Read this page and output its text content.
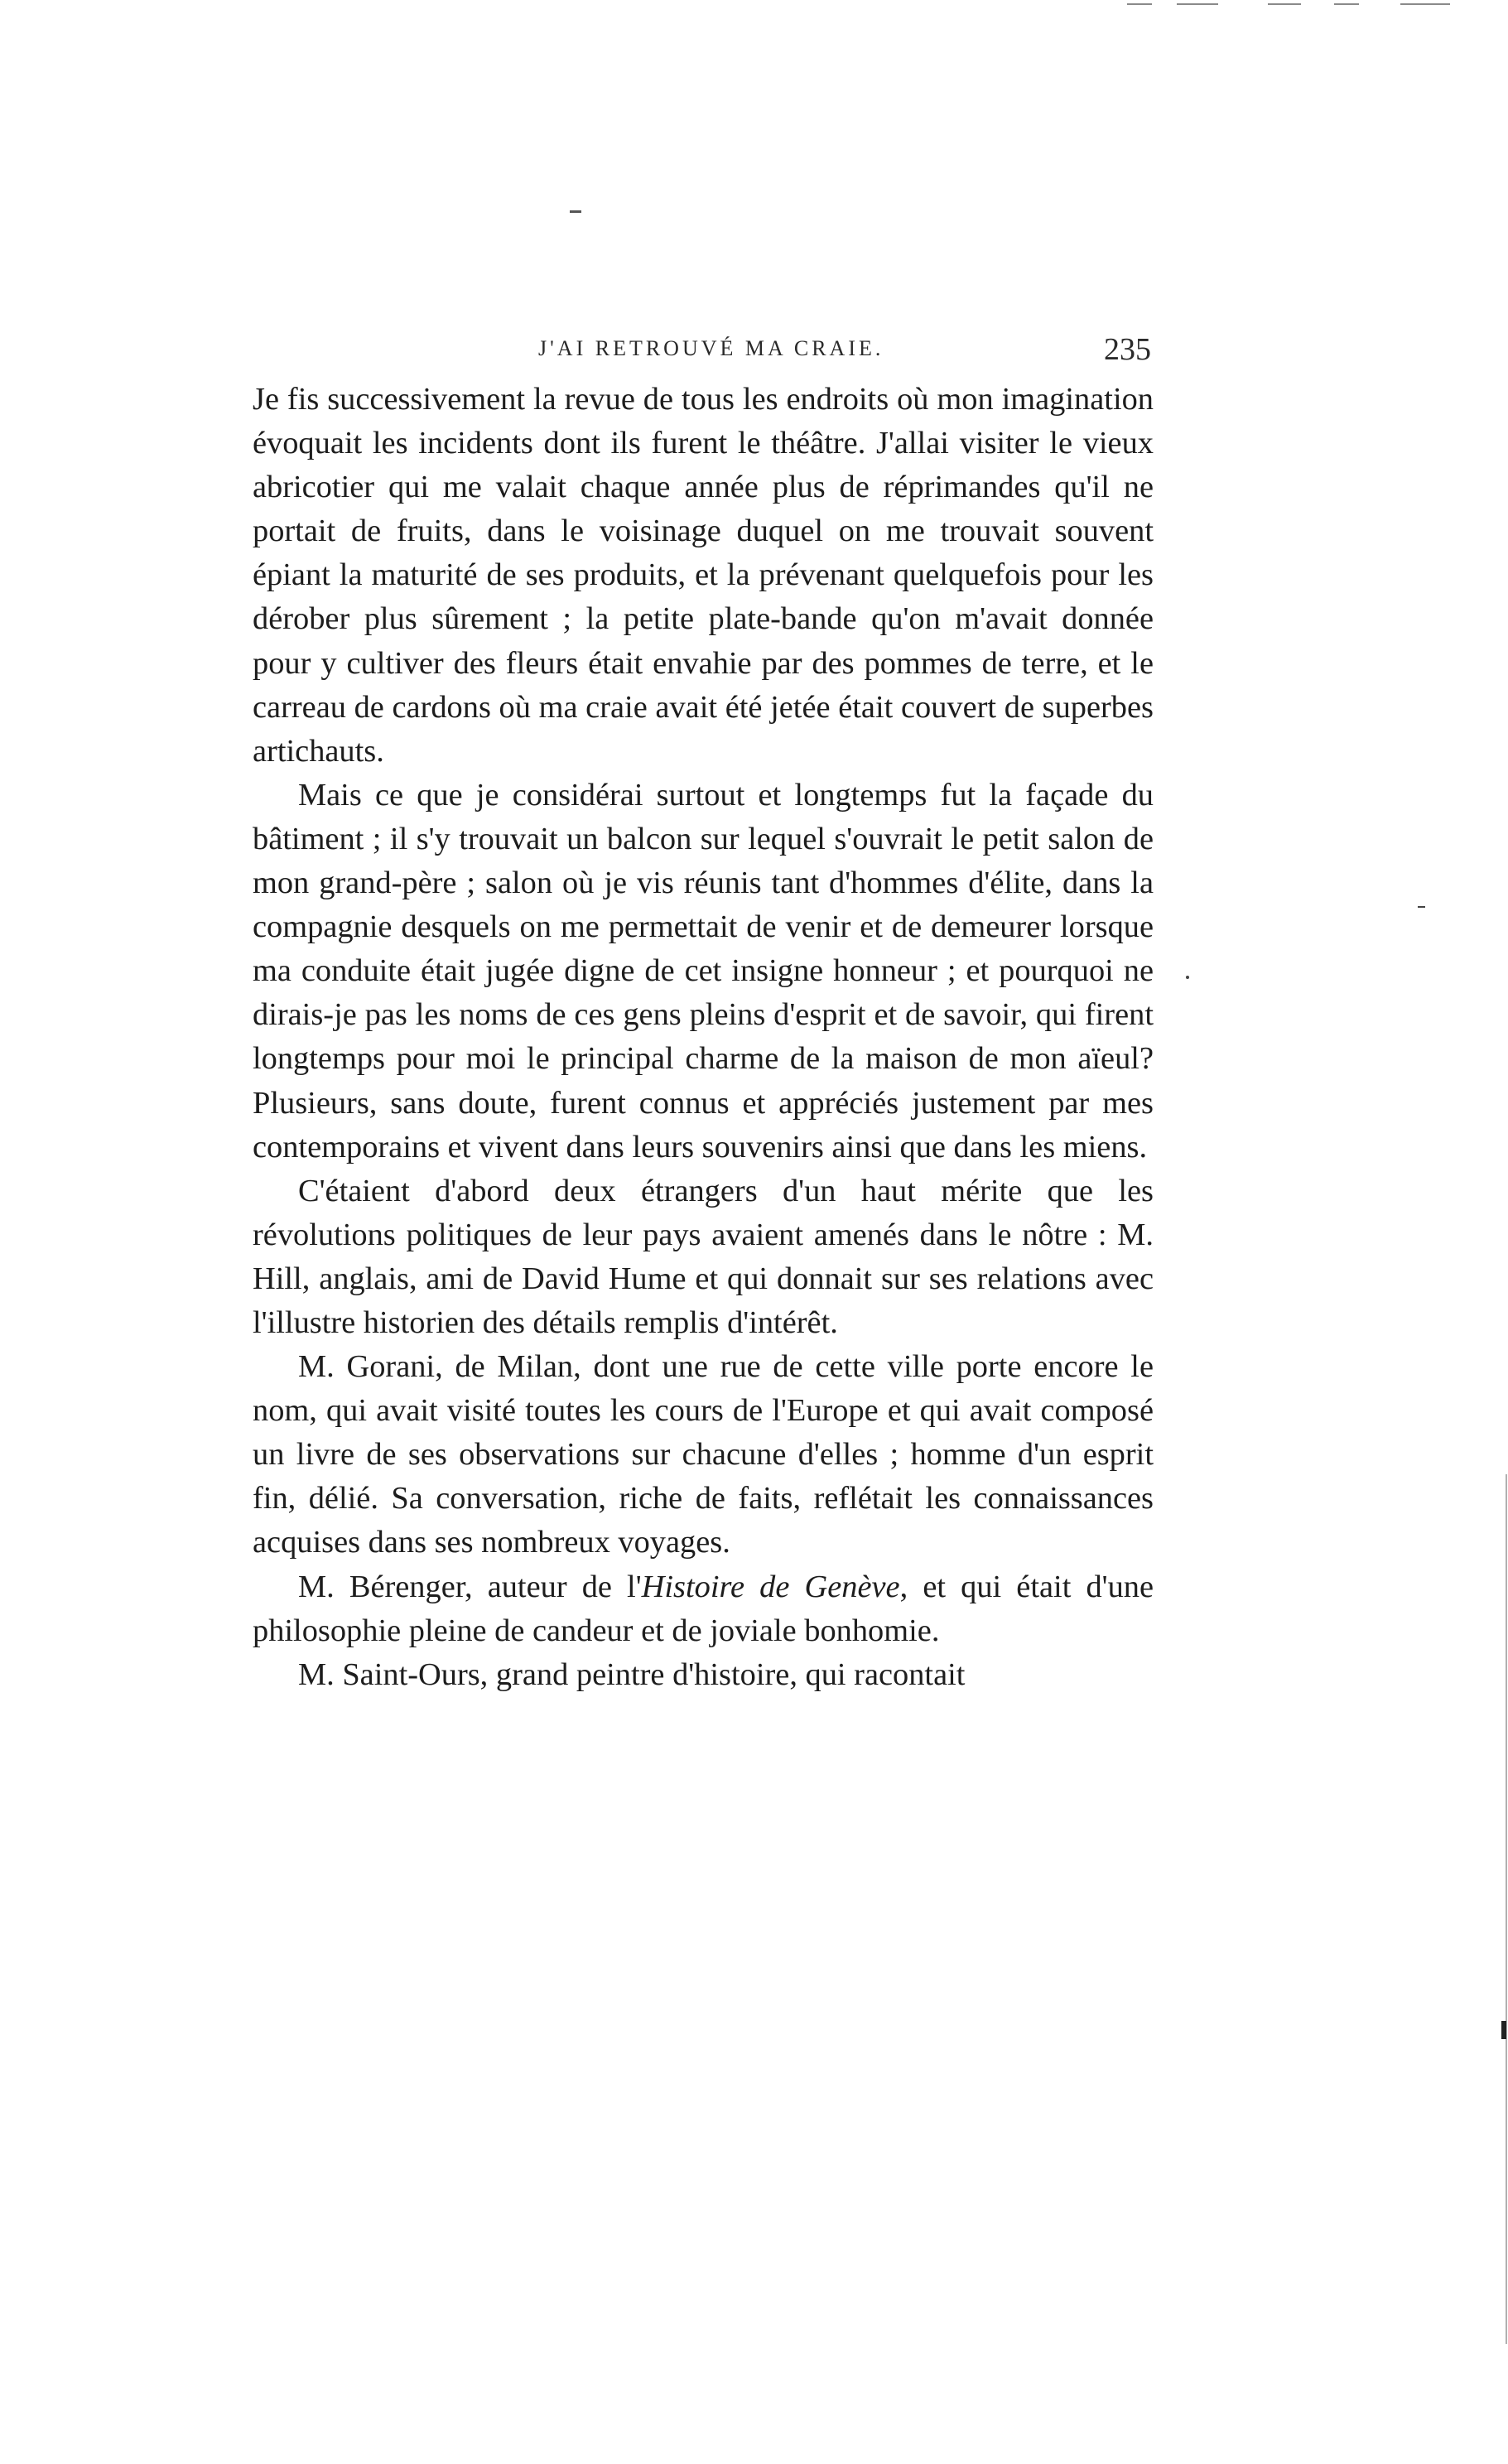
J'AI RETROUVÉ MA CRAIE.	235

Je fis successivement la revue de tous les endroits où mon imagination évoquait les incidents dont ils furent le théâtre. J'allai visiter le vieux abricotier qui me valait chaque année plus de réprimandes qu'il ne portait de fruits, dans le voisinage duquel on me trouvait souvent épiant la maturité de ses produits, et la prévenant quelquefois pour les dérober plus sûrement ; la petite plate-bande qu'on m'avait donnée pour y cultiver des fleurs était envahie par des pommes de terre, et le carreau de cardons où ma craie avait été jetée était couvert de superbes artichauts.

Mais ce que je considérai surtout et longtemps fut la façade du bâtiment ; il s'y trouvait un balcon sur lequel s'ouvrait le petit salon de mon grand-père ; salon où je vis réunis tant d'hommes d'élite, dans la compagnie desquels on me permettait de venir et de demeurer lorsque ma conduite était jugée digne de cet insigne honneur ; et pourquoi ne dirais-je pas les noms de ces gens pleins d'esprit et de savoir, qui firent longtemps pour moi le principal charme de la maison de mon aïeul? Plusieurs, sans doute, furent connus et appréciés justement par mes contemporains et vivent dans leurs souvenirs ainsi que dans les miens.

C'étaient d'abord deux étrangers d'un haut mérite que les révolutions politiques de leur pays avaient amenés dans le nôtre : M. Hill, anglais, ami de David Hume et qui donnait sur ses relations avec l'illustre historien des détails remplis d'intérêt.

M. Gorani, de Milan, dont une rue de cette ville porte encore le nom, qui avait visité toutes les cours de l'Europe et qui avait composé un livre de ses observations sur chacune d'elles ; homme d'un esprit fin, délié. Sa conversation, riche de faits, reflétait les connaissances acquises dans ses nombreux voyages.

M. Bérenger, auteur de l'Histoire de Genève, et qui était d'une philosophie pleine de candeur et de joviale bonhomie.

M. Saint-Ours, grand peintre d'histoire, qui racontait
